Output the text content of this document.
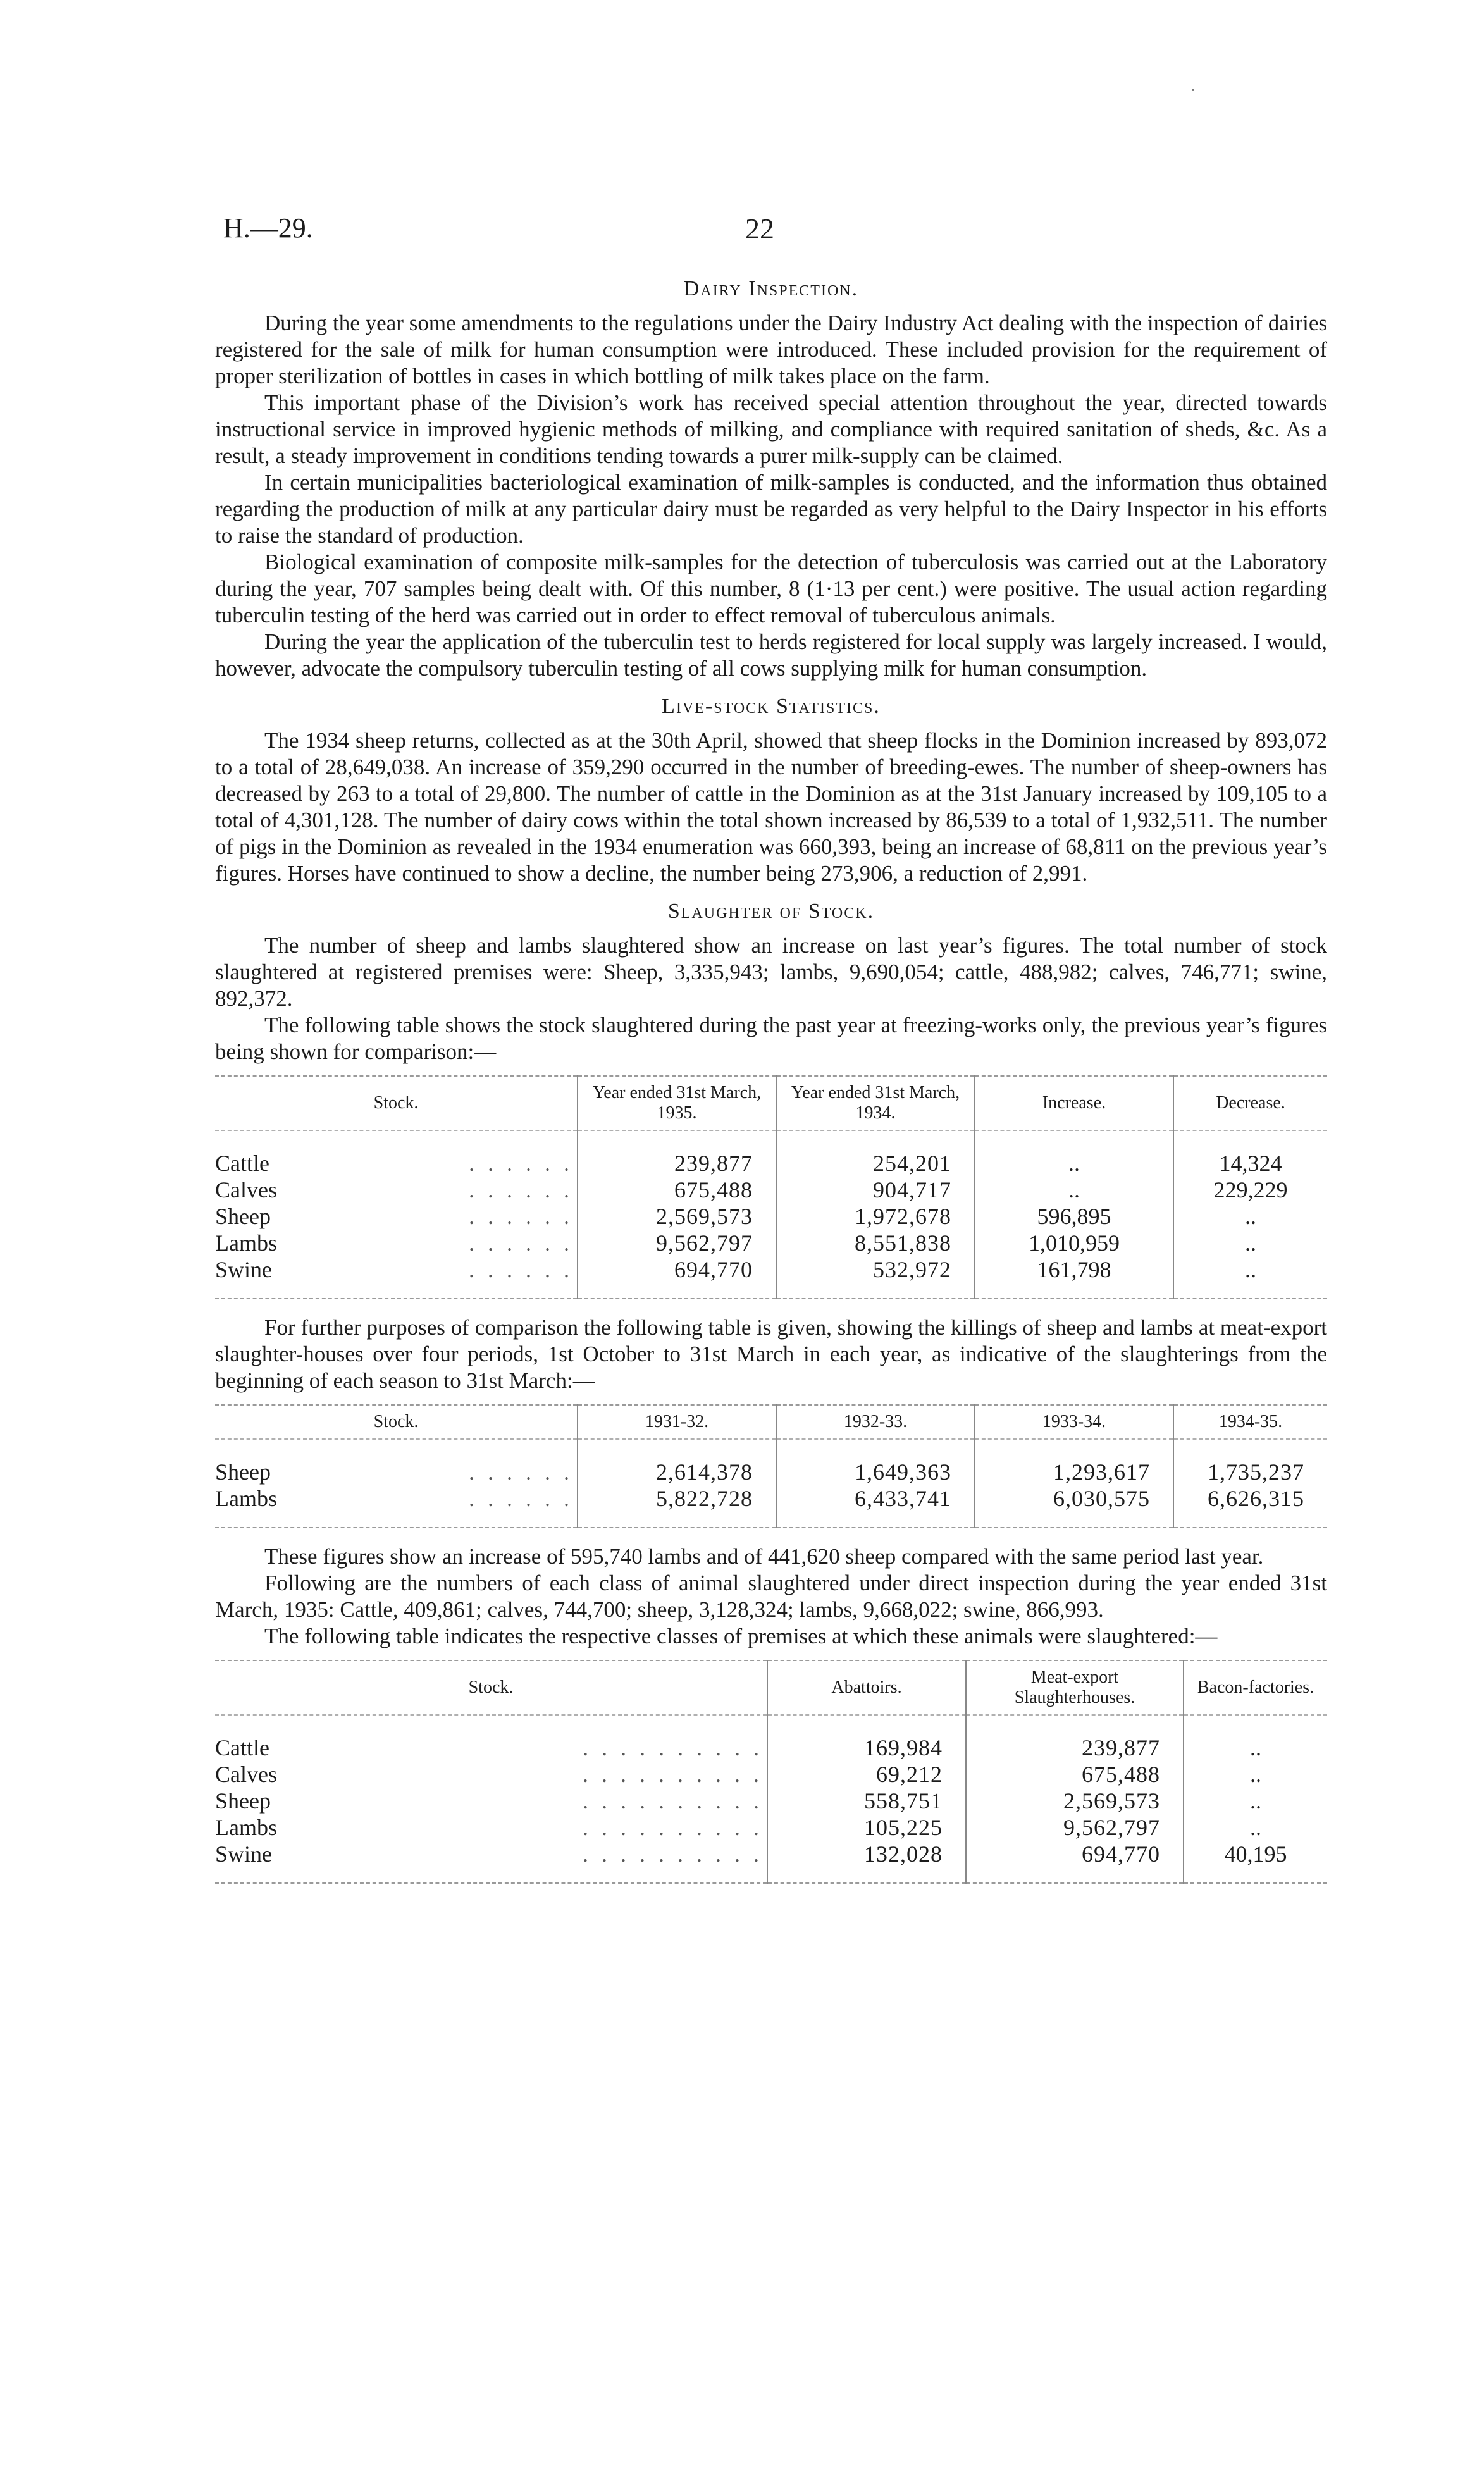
H.—29.	22
Dairy Inspection.

During the year some amendments to the regulations under the Dairy Industry Act dealing with the inspection of dairies registered for the sale of milk for human consumption were introduced. These included provision for the requirement of proper sterilization of bottles in cases in which bottling of milk takes place on the farm.

This important phase of the Division’s work has received special attention throughout the year, directed towards instructional service in improved hygienic methods of milking, and compliance with required sanitation of sheds, &c. As a result, a steady improvement in conditions tending towards a purer milk-supply can be claimed.

In certain municipalities bacteriological examination of milk-samples is conducted, and the information thus obtained regarding the production of milk at any particular dairy must be regarded as very helpful to the Dairy Inspector in his efforts to raise the standard of production.

Biological examination of composite milk-samples for the detection of tuberculosis was carried out at the Laboratory during the year, 707 samples being dealt with. Of this number, 8 (1·13 per cent.) were positive. The usual action regarding tuberculin testing of the herd was carried out in order to effect removal of tuberculous animals.

During the year the application of the tuberculin test to herds registered for local supply was largely increased. I would, however, advocate the compulsory tuberculin testing of all cows supplying milk for human consumption.

Live-stock Statistics.

The 1934 sheep returns, collected as at the 30th April, showed that sheep flocks in the Dominion increased by 893,072 to a total of 28,649,038. An increase of 359,290 occurred in the number of breeding-ewes. The number of sheep-owners has decreased by 263 to a total of 29,800. The number of cattle in the Dominion as at the 31st January increased by 109,105 to a total of 4,301,128. The number of dairy cows within the total shown increased by 86,539 to a total of 1,932,511. The number of pigs in the Dominion as revealed in the 1934 enumeration was 660,393, being an increase of 68,811 on the previous year’s figures. Horses have continued to show a decline, the number being 273,906, a reduction of 2,991.

Slaughter of Stock.

The number of sheep and lambs slaughtered show an increase on last year’s figures. The total number of stock slaughtered at registered premises were: Sheep, 3,335,943; lambs, 9,690,054; cattle, 488,982; calves, 746,771; swine, 892,372.

The following table shows the stock slaughtered during the past year at freezing-works only, the previous year’s figures being shown for comparison:—

Stock.	Year ended 31st March, 1935.	Year ended 31st March, 1934.	Increase.	Decrease.

Cattle . . . . . .	239,877	254,201	..	14,324
Calves . . . . . .	675,488	904,717	..	229,229
Sheep . . . . . .	2,569,573	1,972,678	596,895	..
Lambs . . . . . .	9,562,797	8,551,838	1,010,959	..
Swine . . . . . .	694,770	532,972	161,798	..

For further purposes of comparison the following table is given, showing the killings of sheep and lambs at meat-export slaughter-houses over four periods, 1st October to 31st March in each year, as indicative of the slaughterings from the beginning of each season to 31st March:—

Stock.	1931-32.	1932-33.	1933-34.	1934-35.

Sheep . . . . . .	2,614,378	1,649,363	1,293,617	1,735,237
Lambs . . . . . .	5,822,728	6,433,741	6,030,575	6,626,315

These figures show an increase of 595,740 lambs and of 441,620 sheep compared with the same period last year.

Following are the numbers of each class of animal slaughtered under direct inspection during the year ended 31st March, 1935: Cattle, 409,861; calves, 744,700; sheep, 3,128,324; lambs, 9,668,022; swine, 866,993.

The following table indicates the respective classes of premises at which these animals were slaughtered:—

Stock.	Abattoirs.	Meat-export Slaughterhouses.	Bacon-factories.

Cattle . . . . . . . . . .	169,984	239,877	..
Calves . . . . . . . . . .	69,212	675,488	..
Sheep . . . . . . . . . .	558,751	2,569,573	..
Lambs . . . . . . . . . .	105,225	9,562,797	..
Swine . . . . . . . . . .	132,028	694,770	40,195
